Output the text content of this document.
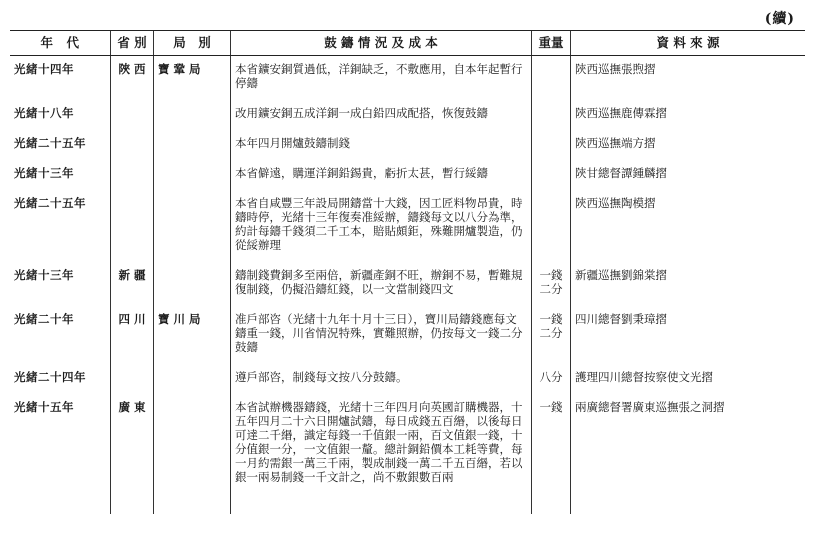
(續)
年　代	省 別	局　別	鼓 鑄 情 況 及 成 本	重量	資 料 來 源
光緒十四年	陜 西	寶 鞏 局	本省鑛安銅質過低，洋銅缺乏，不敷應用，自本年起暫行停鑄		陝西巡撫張煦摺
光緒十八年			改用鑛安銅五成洋銅一成白鉛四成配搭，恢復鼓鑄		陝西巡撫鹿傳霖摺
光緒二十五年			本年四月開爐鼓鑄制錢		陝西巡撫端方摺
光緒十三年			本省僻遠，購運洋銅鉛錫貴，虧折太甚，暫行綏鑄		陝甘總督譚鍾麟摺
光緒二十五年			本省自咸豐三年設局開鑄當十大錢，因工匠料物昂貴，時鑄時停，光緒十三年復奏准綏辦，鑄錢每文以八分為準，約計每鑄千錢須二千工本，賠貼頗鉅，殊難開爐製造，仍從綏辦理		陝西巡撫陶模摺
光緒十三年	新 疆		鑄制錢費銅多至兩倍，新疆產銅不旺，辦銅不易，暫難規復制錢，仍擬沿鑄紅錢，以一文當制錢四文	一錢二分	新疆巡撫劉錦棠摺
光緒二十年	四 川	寶 川 局	准戶部咨（光緒十九年十月十三日），寶川局鑄錢應每文鑄重一錢，川省情況特殊，實難照辦，仍按每文一錢二分鼓鑄	一錢二分	四川總督劉秉璋摺
光緒二十四年			遵戶部咨，制錢每文按八分鼓鑄。	八分	護理四川總督按察使文光摺
光緒十五年	廣 東		本省試辦機器鑄錢，光緒十三年四月向英國訂購機器，十五年四月二十六日開爐試鑄，每日成錢五百緡，以後每日可達二千緡，識定每錢一千值銀一兩，百文值銀一錢，十分值銀一分，一文值銀一釐。總計銅鉛價本工耗等費，每一月約需銀一萬三千兩，製成制錢一萬二千五百緡，若以銀一兩易制錢一千文計之，尚不敷銀數百兩	一錢	兩廣總督署廣東巡撫張之洞摺
